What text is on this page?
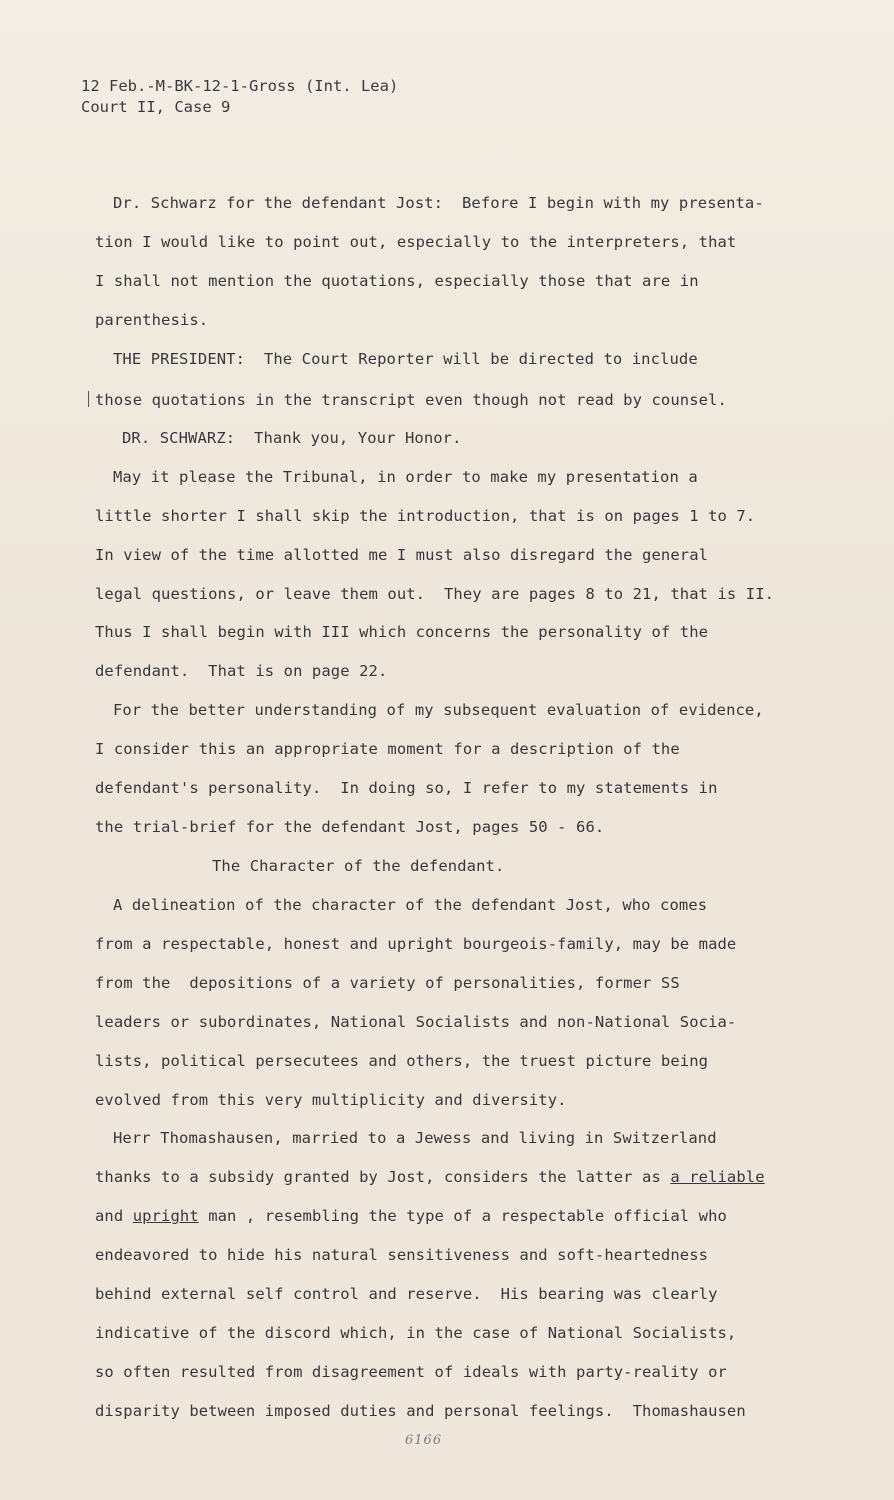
12 Feb.-M-BK-12-1-Gross (Int. Lea)
Court II, Case 9
Dr. Schwarz for the defendant Jost:  Before I begin with my presenta-
tion I would like to point out, especially to the interpreters, that
I shall not mention the quotations, especially those that are in
parenthesis.
THE PRESIDENT:  The Court Reporter will be directed to include
those quotations in the transcript even though not read by counsel.
DR. SCHWARZ:  Thank you, Your Honor.
May it please the Tribunal, in order to make my presentation a
little shorter I shall skip the introduction, that is on pages 1 to 7.
In view of the time allotted me I must also disregard the general
legal questions, or leave them out.  They are pages 8 to 21, that is II.
Thus I shall begin with III which concerns the personality of the
defendant.  That is on page 22.
For the better understanding of my subsequent evaluation of evidence,
I consider this an appropriate moment for a description of the
defendant's personality.  In doing so, I refer to my statements in
the trial-brief for the defendant Jost, pages 50 - 66.
The Character of the defendant.
A delineation of the character of the defendant Jost, who comes
from a respectable, honest and upright bourgeois-family, may be made
from the  depositions of a variety of personalities, former SS
leaders or subordinates, National Socialists and non-National Socia-
lists, political persecutees and others, the truest picture being
evolved from this very multiplicity and diversity.
Herr Thomashausen, married to a Jewess and living in Switzerland
thanks to a subsidy granted by Jost, considers the latter as a reliable
and upright man , resembling the type of a respectable official who
endeavored to hide his natural sensitiveness and soft-heartedness
behind external self control and reserve.  His bearing was clearly
indicative of the discord which, in the case of National Socialists,
so often resulted from disagreement of ideals with party-reality or
disparity between imposed duties and personal feelings.  Thomashausen
6166
